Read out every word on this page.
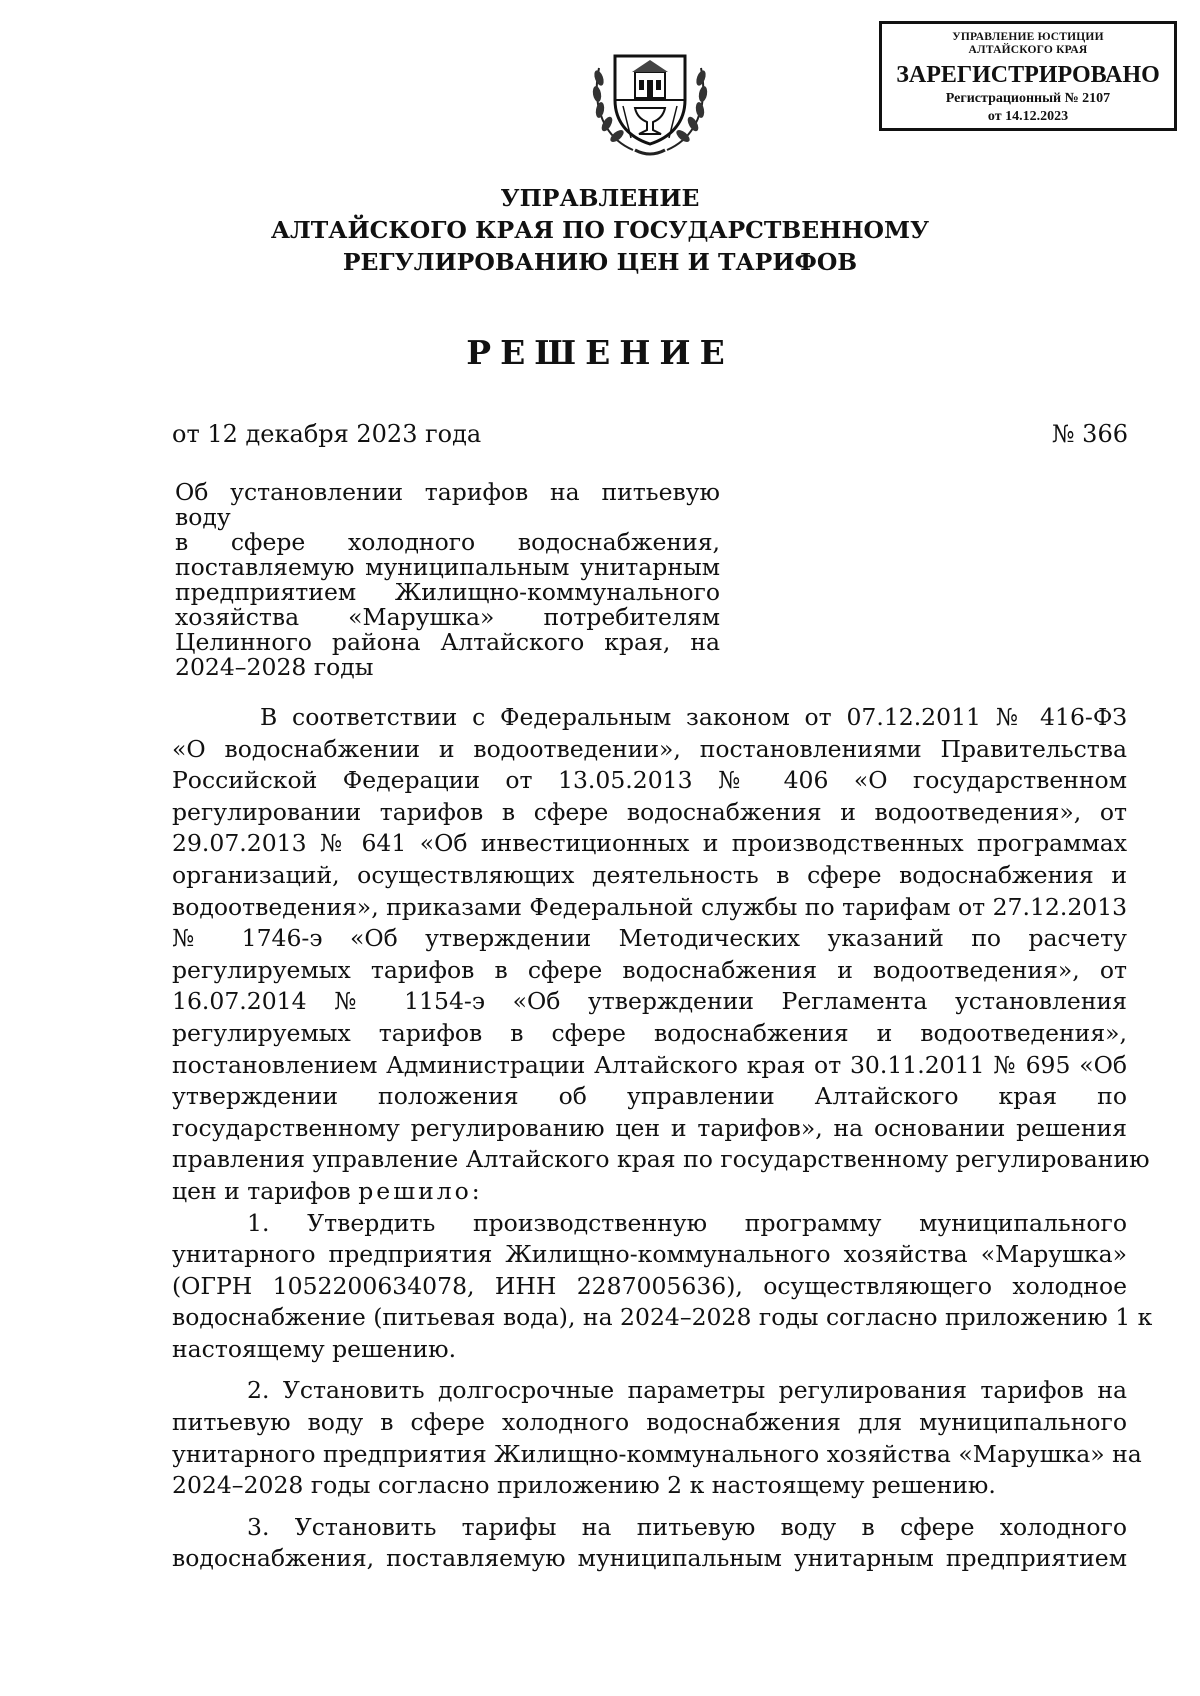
УПРАВЛЕНИЕ ЮСТИЦИИ
АЛТАЙСКОГО КРАЯ
ЗАРЕГИСТРИРОВАНО
Регистрационный № 2107
от 14.12.2023
УПРАВЛЕНИЕ
АЛТАЙСКОГО КРАЯ ПО ГОСУДАРСТВЕННОМУ
РЕГУЛИРОВАНИЮ ЦЕН И ТАРИФОВ
РЕШЕНИЕ
от 12 декабря 2023 года	№ 366
Об установлении тарифов на питьевую воду
в сфере холодного водоснабжения,
поставляемую муниципальным унитарным
предприятием Жилищно-коммунального
хозяйства «Марушка» потребителям
Целинного района Алтайского края, на
2024–2028 годы
В соответствии с Федеральным законом от 07.12.2011 № 416-ФЗ
«О водоснабжении и водоотведении», постановлениями Правительства
Российской Федерации от 13.05.2013 № 406 «О государственном
регулировании тарифов в сфере водоснабжения и водоотведения», от
29.07.2013 № 641 «Об инвестиционных и производственных программах
организаций, осуществляющих деятельность в сфере водоснабжения и
водоотведения», приказами Федеральной службы по тарифам от 27.12.2013
№ 1746-э «Об утверждении Методических указаний по расчету
регулируемых тарифов в сфере водоснабжения и водоотведения», от
16.07.2014 № 1154-э «Об утверждении Регламента установления
регулируемых тарифов в сфере водоснабжения и водоотведения»,
постановлением Администрации Алтайского края от 30.11.2011 № 695 «Об
утверждении положения об управлении Алтайского края по
государственному регулированию цен и тарифов», на основании решения
правления управление Алтайского края по государственному регулированию
цен и тарифов решило:
1. Утвердить производственную программу муниципального
унитарного предприятия Жилищно-коммунального хозяйства «Марушка»
(ОГРН 1052200634078, ИНН 2287005636), осуществляющего холодное
водоснабжение (питьевая вода), на 2024–2028 годы согласно приложению 1 к
настоящему решению.
2. Установить долгосрочные параметры регулирования тарифов на
питьевую воду в сфере холодного водоснабжения для муниципального
унитарного предприятия Жилищно-коммунального хозяйства «Марушка» на
2024–2028 годы согласно приложению 2 к настоящему решению.
3. Установить тарифы на питьевую воду в сфере холодного
водоснабжения, поставляемую муниципальным унитарным предприятием
